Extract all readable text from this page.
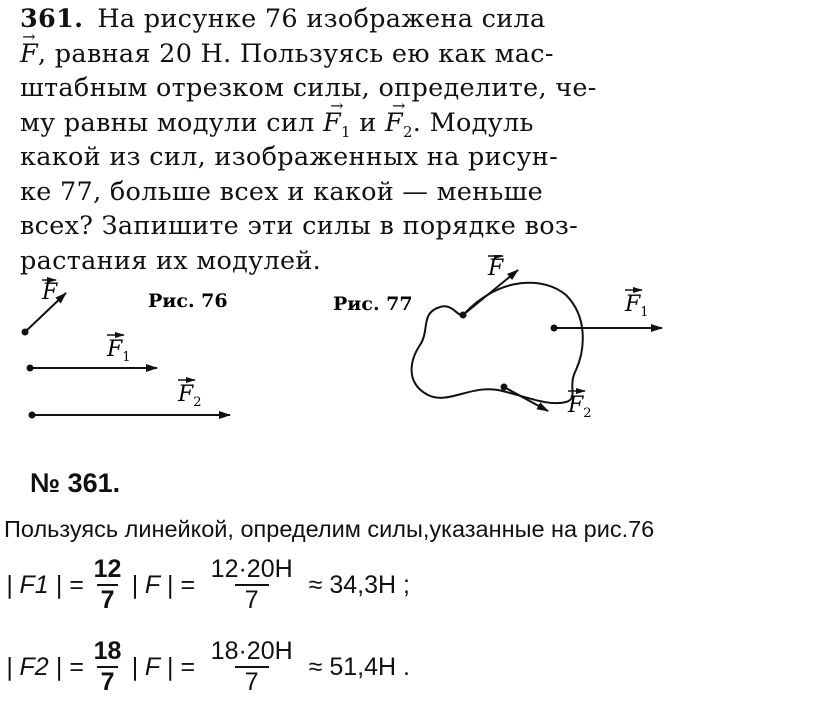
361. На рисунке 76 изображена сила
→ F, равная 20 Н. Пользуясь ею как мас-
штабным отрезком силы, определите, че-
му равны модули сил → $F_1$ $и \to F_2$. Модуль
какой из сил, изображенных на рисун-
ке 77, больше всех и какой — меньше
всех? Запишите эти силы в порядке воз-
растания их модулей.
F
$F_1$
$F_2$
Рис. 76	Рис. 77
F
$F_1$
$F_2$
№ 361.
Пользуясь линейкой, определим силы,указанные на рис.76
| F1 | = $\frac{12}{7}$ | F | = $\frac{12\cdot 20Н}{7} \approx 34,3Н$ ;
| F2 | = $\frac{18}{7}$ | F | = $\frac{18\cdot 20Н}{7} \approx 51,4Н$ .
